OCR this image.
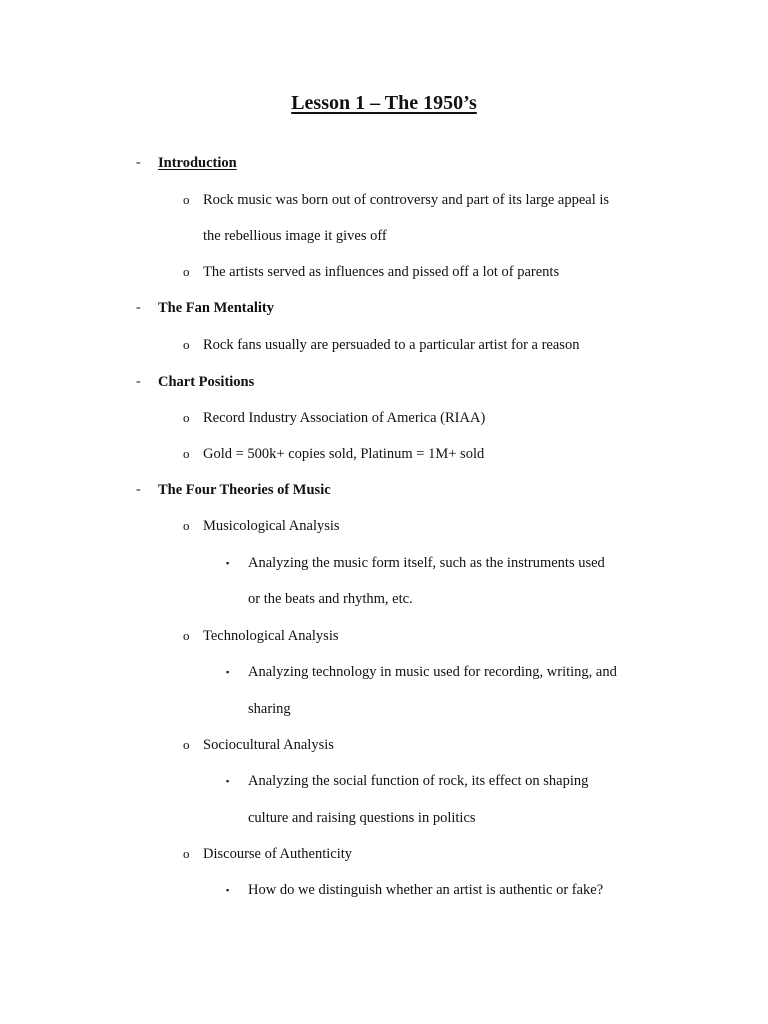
Lesson 1 – The 1950’s
- Introduction
o Rock music was born out of controversy and part of its large appeal is
the rebellious image it gives off
o The artists served as influences and pissed off a lot of parents
- The Fan Mentality
o Rock fans usually are persuaded to a particular artist for a reason
- Chart Positions
o Record Industry Association of America (RIAA)
o Gold = 500k+ copies sold, Platinum = 1M+ sold
- The Four Theories of Music
o Musicological Analysis
▪ Analyzing the music form itself, such as the instruments used
or the beats and rhythm, etc.
o Technological Analysis
▪ Analyzing technology in music used for recording, writing, and
sharing
o Sociocultural Analysis
▪ Analyzing the social function of rock, its effect on shaping
culture and raising questions in politics
o Discourse of Authenticity
▪ How do we distinguish whether an artist is authentic or fake?
